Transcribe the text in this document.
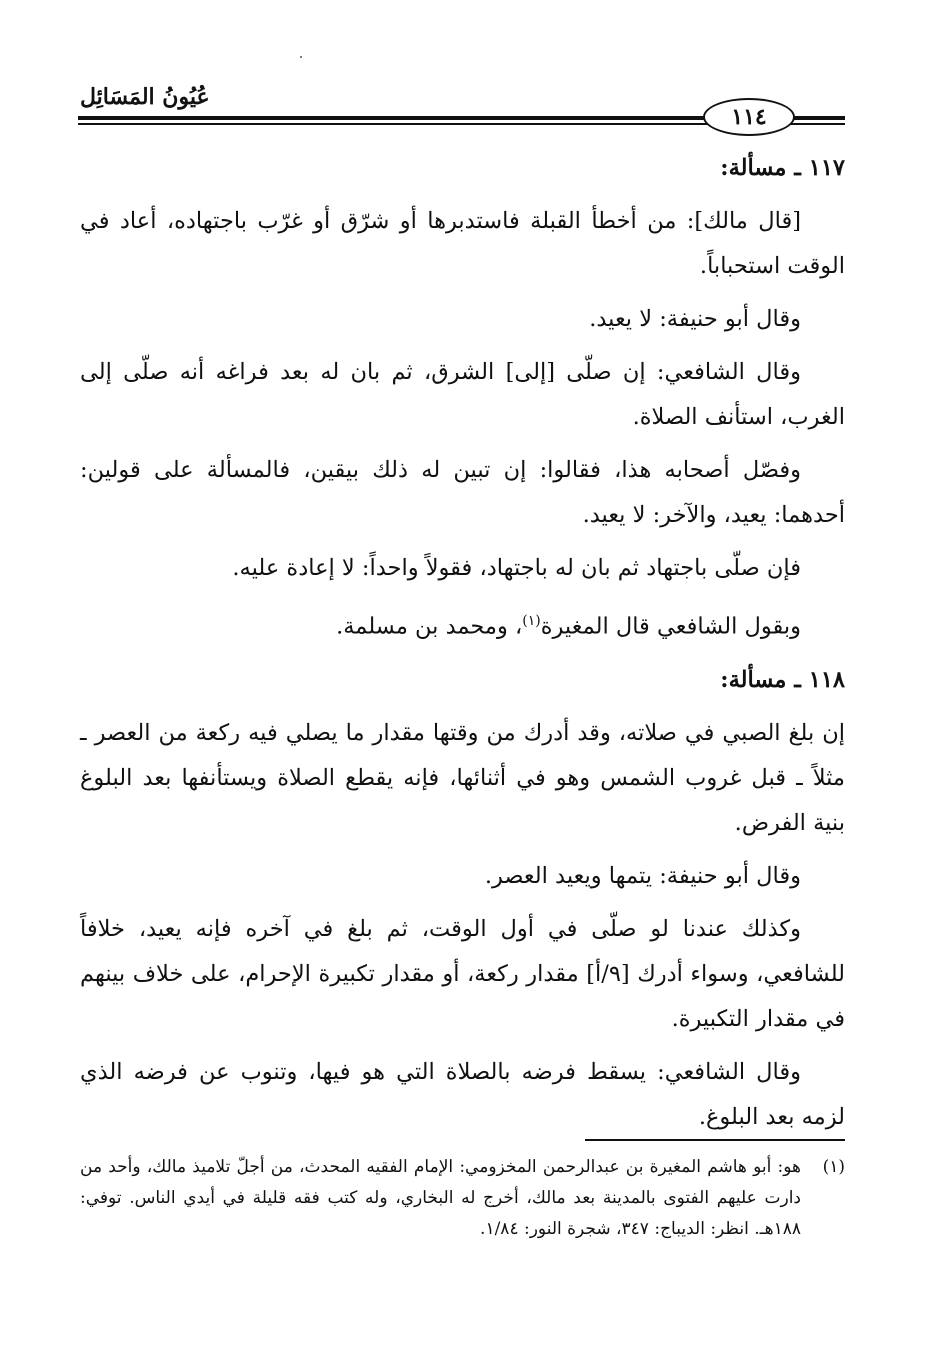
عُيُونُ المَسَائِل
١١٤

١١٧ ـ مسألة:

[قال مالك]: من أخطأ القبلة فاستدبرها أو شرّق أو غرّب باجتهاده، أعاد في الوقت استحباباً.

وقال أبو حنيفة: لا يعيد.

وقال الشافعي: إن صلّى [إلى] الشرق، ثم بان له بعد فراغه أنه صلّى إلى الغرب، استأنف الصلاة.

وفصّل أصحابه هذا، فقالوا: إن تبين له ذلك بيقين، فالمسألة على قولين: أحدهما: يعيد، والآخر: لا يعيد.

فإن صلّى باجتهاد ثم بان له باجتهاد، فقولاً واحداً: لا إعادة عليه.

وبقول الشافعي قال المغيرة$^{(١)}$، ومحمد بن مسلمة.

١١٨ ـ مسألة:

إن بلغ الصبي في صلاته، وقد أدرك من وقتها مقدار ما يصلي فيه ركعة من العصر ـ مثلاً ـ قبل غروب الشمس وهو في أثنائها، فإنه يقطع الصلاة ويستأنفها بعد البلوغ بنية الفرض.

وقال أبو حنيفة: يتمها ويعيد العصر.

وكذلك عندنا لو صلّى في أول الوقت، ثم بلغ في آخره فإنه يعيد، خلافاً للشافعي، وسواء أدرك [٩/أ] مقدار ركعة، أو مقدار تكبيرة الإحرام، على خلاف بينهم في مقدار التكبيرة.

وقال الشافعي: يسقط فرضه بالصلاة التي هو فيها، وتنوب عن فرضه الذي لزمه بعد البلوغ.

(١)هو: أبو هاشم المغيرة بن عبدالرحمن المخزومي: الإمام الفقيه المحدث، من أجلّ تلاميذ مالك، وأحد من دارت عليهم الفتوى بالمدينة بعد مالك، أخرج له البخاري، وله كتب فقه قليلة في أيدي الناس. توفي: ١٨٨هـ. انظر: الديباج: ٣٤٧، شجرة النور: ١/٨٤.
